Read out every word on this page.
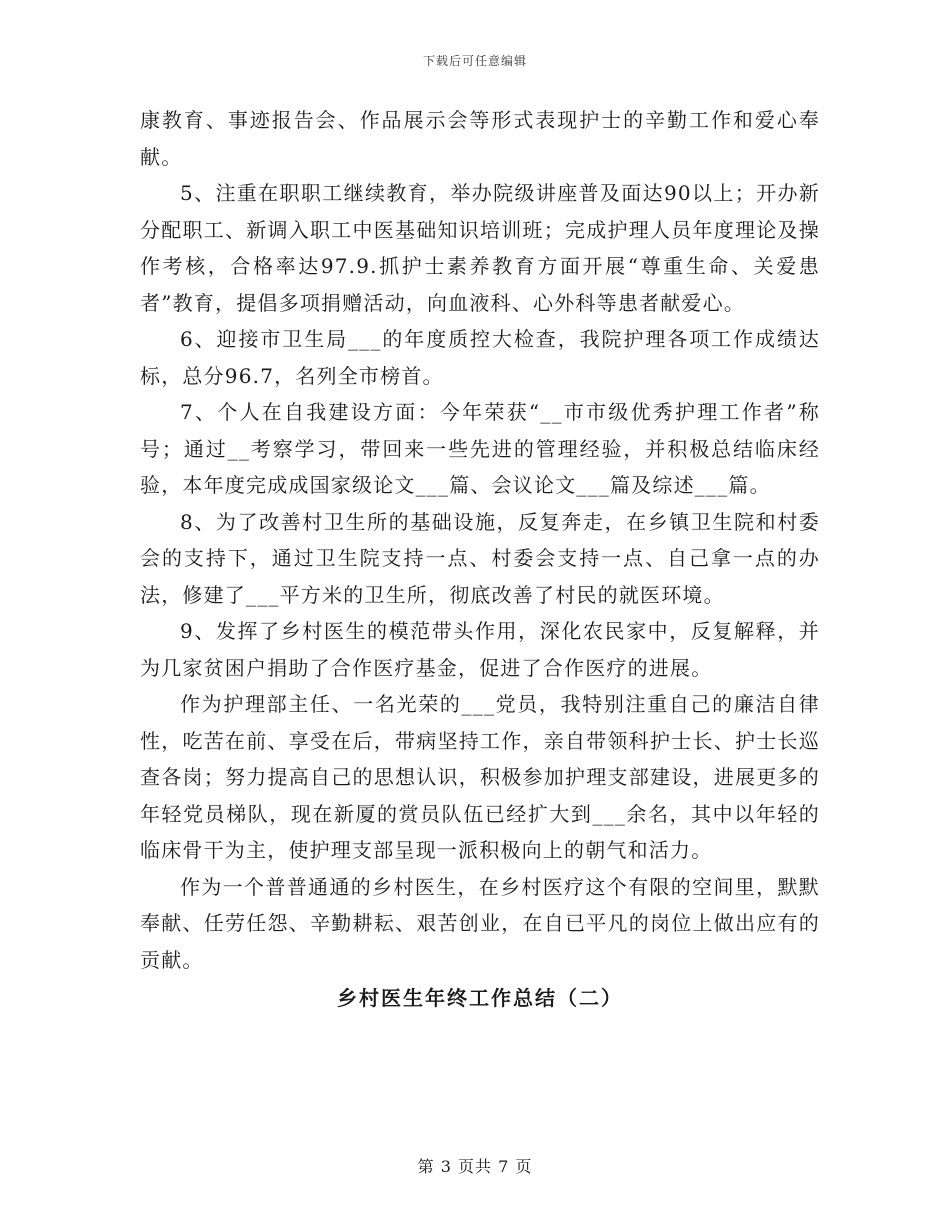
下载后可任意编辑

康教育、事迹报告会、作品展示会等形式表现护士的辛勤工作和爱心奉献。

5、注重在职职工继续教育，举办院级讲座普及面达90以上；开办新分配职工、新调入职工中医基础知识培训班；完成护理人员年度理论及操作考核，合格率达97.9.抓护士素养教育方面开展“尊重生命、关爱患者”教育，提倡多项捐赠活动，向血液科、心外科等患者献爱心。

6、迎接市卫生局___的年度质控大检查，我院护理各项工作成绩达标，总分96.7，名列全市榜首。

7、个人在自我建设方面：今年荣获“__市市级优秀护理工作者”称号；通过__考察学习，带回来一些先进的管理经验，并积极总结临床经验，本年度完成成国家级论文___篇、会议论文___篇及综述___篇。

8、为了改善村卫生所的基础设施，反复奔走，在乡镇卫生院和村委会的支持下，通过卫生院支持一点、村委会支持一点、自己拿一点的办法，修建了___平方米的卫生所，彻底改善了村民的就医环境。

9、发挥了乡村医生的模范带头作用，深化农民家中，反复解释，并为几家贫困户捐助了合作医疗基金，促进了合作医疗的进展。

作为护理部主任、一名光荣的___党员，我特别注重自己的廉洁自律性，吃苦在前、享受在后，带病坚持工作，亲自带领科护士长、护士长巡查各岗；努力提高自己的思想认识，积极参加护理支部建设，进展更多的年轻党员梯队，现在新厦的赏员队伍已经扩大到___余名，其中以年轻的临床骨干为主，使护理支部呈现一派积极向上的朝气和活力。

作为一个普普通通的乡村医生，在乡村医疗这个有限的空间里，默默奉献、任劳任怨、辛勤耕耘、艰苦创业，在自已平凡的岗位上做出应有的贡献。

乡村医生年终工作总结（二）

第 3 页共 7 页
